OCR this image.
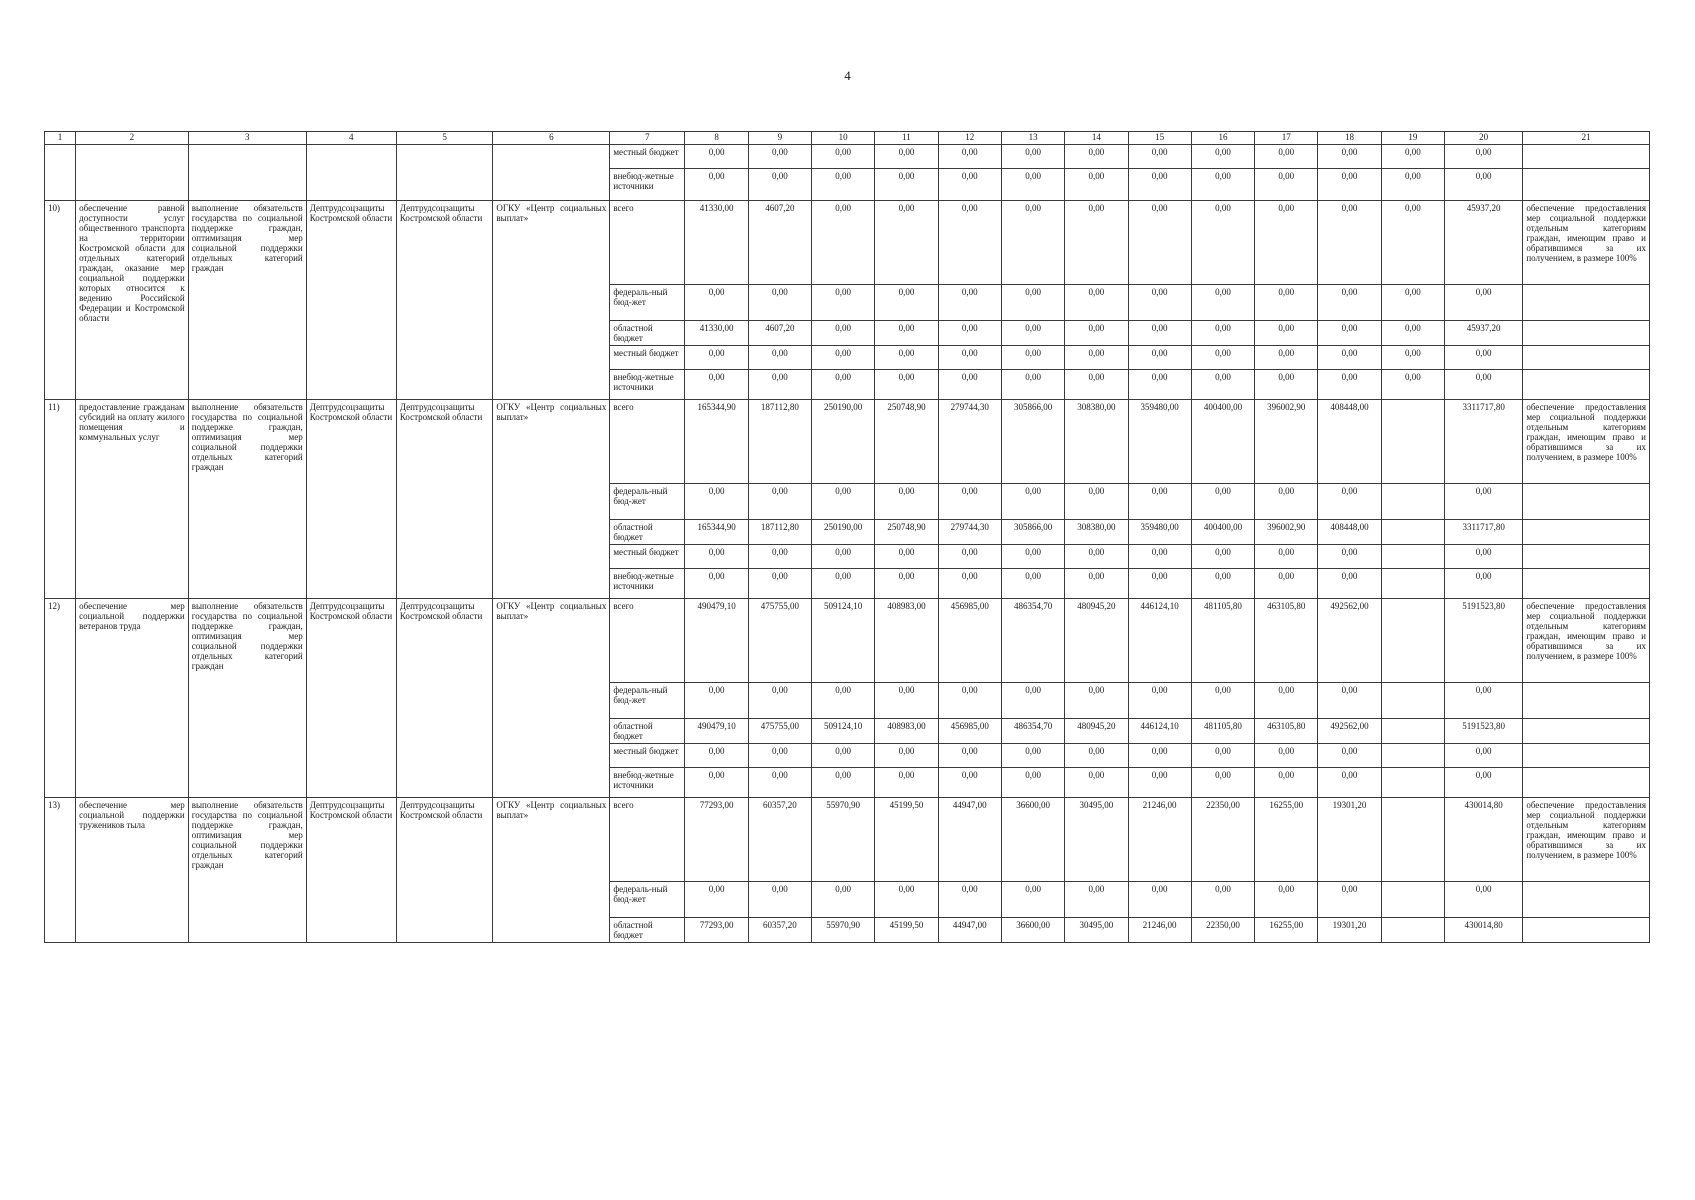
4
1	2	3	4	5	6	7	8	9	10	11	12	13	14	15	16	17	18	19	20	21
						местный бюджет	0,00	0,00	0,00	0,00	0,00	0,00	0,00	0,00	0,00	0,00	0,00	0,00	0,00	
						внебюд-жетные источники	0,00	0,00	0,00	0,00	0,00	0,00	0,00	0,00	0,00	0,00	0,00	0,00	0,00	
10)	обеспечение равной доступности услуг общественного транспорта на территории Костромской области для отдельных категорий граждан, оказание мер социальной поддержки которых относится к ведению Российской Федерации и Костромской области	выполнение обязательств государства по социальной поддержке граждан, оптимизация мер социальной поддержки отдельных категорий граждан	Дептрудсоцзащиты Костромской области	Дептрудсоцзащиты Костромской области	ОГКУ «Центр социальных выплат»	всего	41330,00	4607,20	0,00	0,00	0,00	0,00	0,00	0,00	0,00	0,00	0,00	0,00	45937,20	обеспечение предоставления мер социальной поддержки отдельным категориям граждан, имеющим право и обратившимся за их получением, в размере 100%
						федераль-ный бюд-жет	0,00	0,00	0,00	0,00	0,00	0,00	0,00	0,00	0,00	0,00	0,00	0,00	0,00	
						областной бюджет	41330,00	4607,20	0,00	0,00	0,00	0,00	0,00	0,00	0,00	0,00	0,00	0,00	45937,20	
						местный бюджет	0,00	0,00	0,00	0,00	0,00	0,00	0,00	0,00	0,00	0,00	0,00	0,00	0,00	
						внебюд-жетные источники	0,00	0,00	0,00	0,00	0,00	0,00	0,00	0,00	0,00	0,00	0,00	0,00	0,00	
11)	предоставление гражданам субсидий на оплату жилого помещения и коммунальных услуг	выполнение обязательств государства по социальной поддержке граждан, оптимизация мер социальной поддержки отдельных категорий граждан	Дептрудсоцзащиты Костромской области	Дептрудсоцзащиты Костромской области	ОГКУ «Центр социальных выплат»	всего	165344,90	187112,80	250190,00	250748,90	279744,30	305866,00	308380,00	359480,00	400400,00	396002,90	408448,00		3311717,80	обеспечение предоставления мер социальной поддержки отдельным категориям граждан, имеющим право и обратившимся за их получением, в размере 100%
						федераль-ный бюд-жет	0,00	0,00	0,00	0,00	0,00	0,00	0,00	0,00	0,00	0,00	0,00		0,00	
						областной бюджет	165344,90	187112,80	250190,00	250748,90	279744,30	305866,00	308380,00	359480,00	400400,00	396002,90	408448,00		3311717,80	
						местный бюджет	0,00	0,00	0,00	0,00	0,00	0,00	0,00	0,00	0,00	0,00	0,00		0,00	
						внебюд-жетные источники	0,00	0,00	0,00	0,00	0,00	0,00	0,00	0,00	0,00	0,00	0,00		0,00	
12)	обеспечение мер социальной поддержки ветеранов труда	выполнение обязательств государства по социальной поддержке граждан, оптимизация мер социальной поддержки отдельных категорий граждан	Дептрудсоцзащиты Костромской области	Дептрудсоцзащиты Костромской области	ОГКУ «Центр социальных выплат»	всего	490479,10	475755,00	509124,10	408983,00	456985,00	486354,70	480945,20	446124,10	481105,80	463105,80	492562,00		5191523,80	обеспечение предоставления мер социальной поддержки отдельным категориям граждан, имеющим право и обратившимся за их получением, в размере 100%
						федераль-ный бюд-жет	0,00	0,00	0,00	0,00	0,00	0,00	0,00	0,00	0,00	0,00	0,00		0,00	
						областной бюджет	490479,10	475755,00	509124,10	408983,00	456985,00	486354,70	480945,20	446124,10	481105,80	463105,80	492562,00		5191523,80	
						местный бюджет	0,00	0,00	0,00	0,00	0,00	0,00	0,00	0,00	0,00	0,00	0,00		0,00	
						внебюд-жетные источники	0,00	0,00	0,00	0,00	0,00	0,00	0,00	0,00	0,00	0,00	0,00		0,00	
13)	обеспечение мер социальной поддержки тружеников тыла	выполнение обязательств государства по социальной поддержке граждан, оптимизация мер социальной поддержки отдельных категорий граждан	Дептрудсоцзащиты Костромской области	Дептрудсоцзащиты Костромской области	ОГКУ «Центр социальных выплат»	всего	77293,00	60357,20	55970,90	45199,50	44947,00	36600,00	30495,00	21246,00	22350,00	16255,00	19301,20		430014,80	обеспечение предоставления мер социальной поддержки отдельным категориям граждан, имеющим право и обратившимся за их получением, в размере 100%
						федераль-ный бюд-жет	0,00	0,00	0,00	0,00	0,00	0,00	0,00	0,00	0,00	0,00	0,00		0,00	
						областной бюджет	77293,00	60357,20	55970,90	45199,50	44947,00	36600,00	30495,00	21246,00	22350,00	16255,00	19301,20		430014,80	
